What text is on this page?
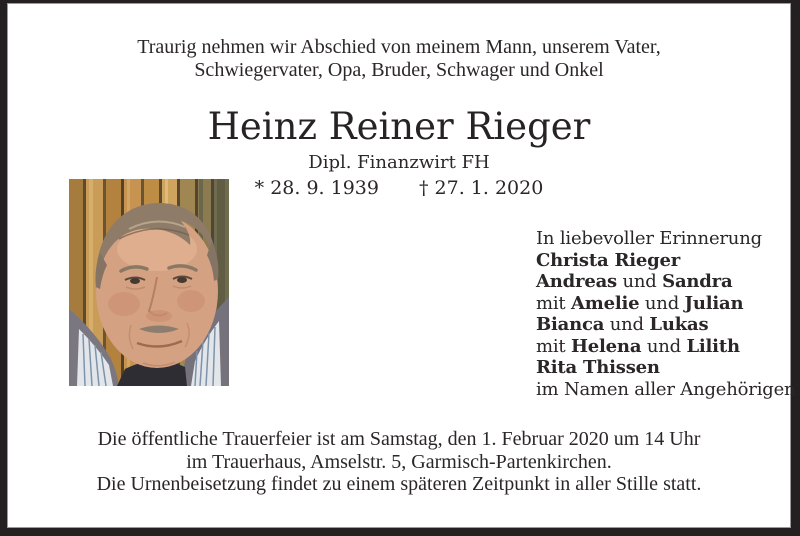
Traurig nehmen wir Abschied von meinem Mann, unserem Vater,
Schwiegervater, Opa, Bruder, Schwager und Onkel
Heinz Reiner Rieger
Dipl. Finanzwirt FH
* 28. 9. 1939 † 27. 1. 2020
In liebevoller Erinnerung
Christa Rieger
Andreas und Sandra
mit Amelie und Julian
Bianca und Lukas
mit Helena und Lilith
Rita Thissen
im Namen aller Angehörigen
Die öffentliche Trauerfeier ist am Samstag, den 1. Februar 2020 um 14 Uhr
im Trauerhaus, Amselstr. 5, Garmisch-Partenkirchen.
Die Urnenbeisetzung findet zu einem späteren Zeitpunkt in aller Stille statt.
